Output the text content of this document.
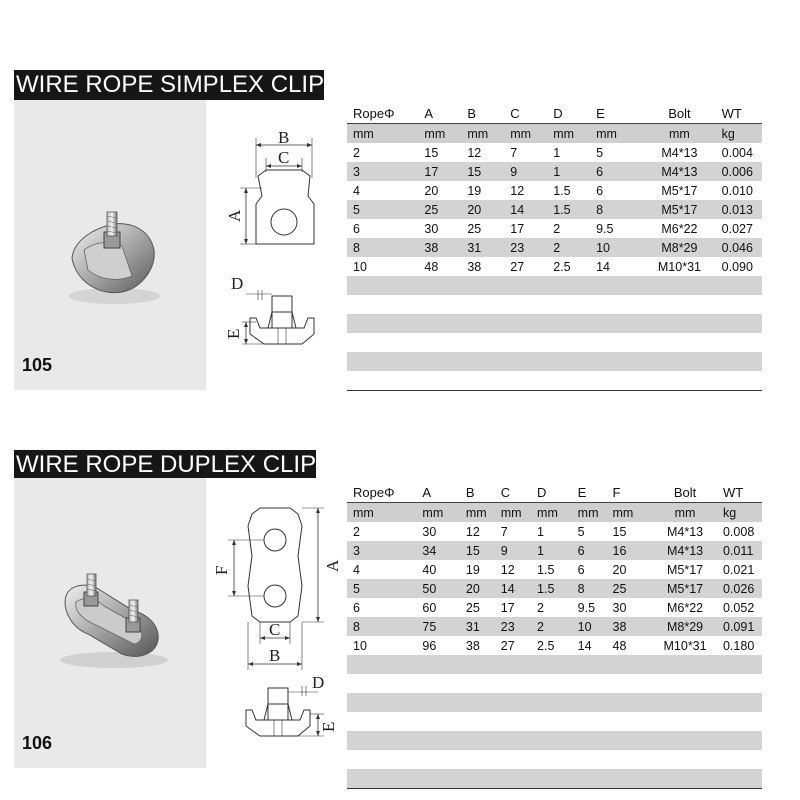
WIRE ROPE SIMPLEX CLIP
105
B
C
A
D
E
RopeΦ	A	B	C	D	E	Bolt	WT
mm	mm	mm	mm	mm	mm	mm	kg
2	15	12	7	1	5	M4*13	0.004
3	17	15	9	1	6	M4*13	0.006
4	20	19	12	1.5	6	M5*17	0.010
5	25	20	14	1.5	8	M5*17	0.013
6	30	25	17	2	9.5	M6*22	0.027
8	38	31	23	2	10	M8*29	0.046
10	48	38	27	2.5	14	M10*31	0.090

WIRE ROPE DUPLEX CLIP
106
A
F
C
B
D
E
RopeΦ	A	B	C	D	E	F	Bolt	WT
mm	mm	mm	mm	mm	mm	mm	mm	kg
2	30	12	7	1	5	15	M4*13	0.008
3	34	15	9	1	6	16	M4*13	0.011
4	40	19	12	1.5	6	20	M5*17	0.021
5	50	20	14	1.5	8	25	M5*17	0.026
6	60	25	17	2	9.5	30	M6*22	0.052
8	75	31	23	2	10	38	M8*29	0.091
10	96	38	27	2.5	14	48	M10*31	0.180
